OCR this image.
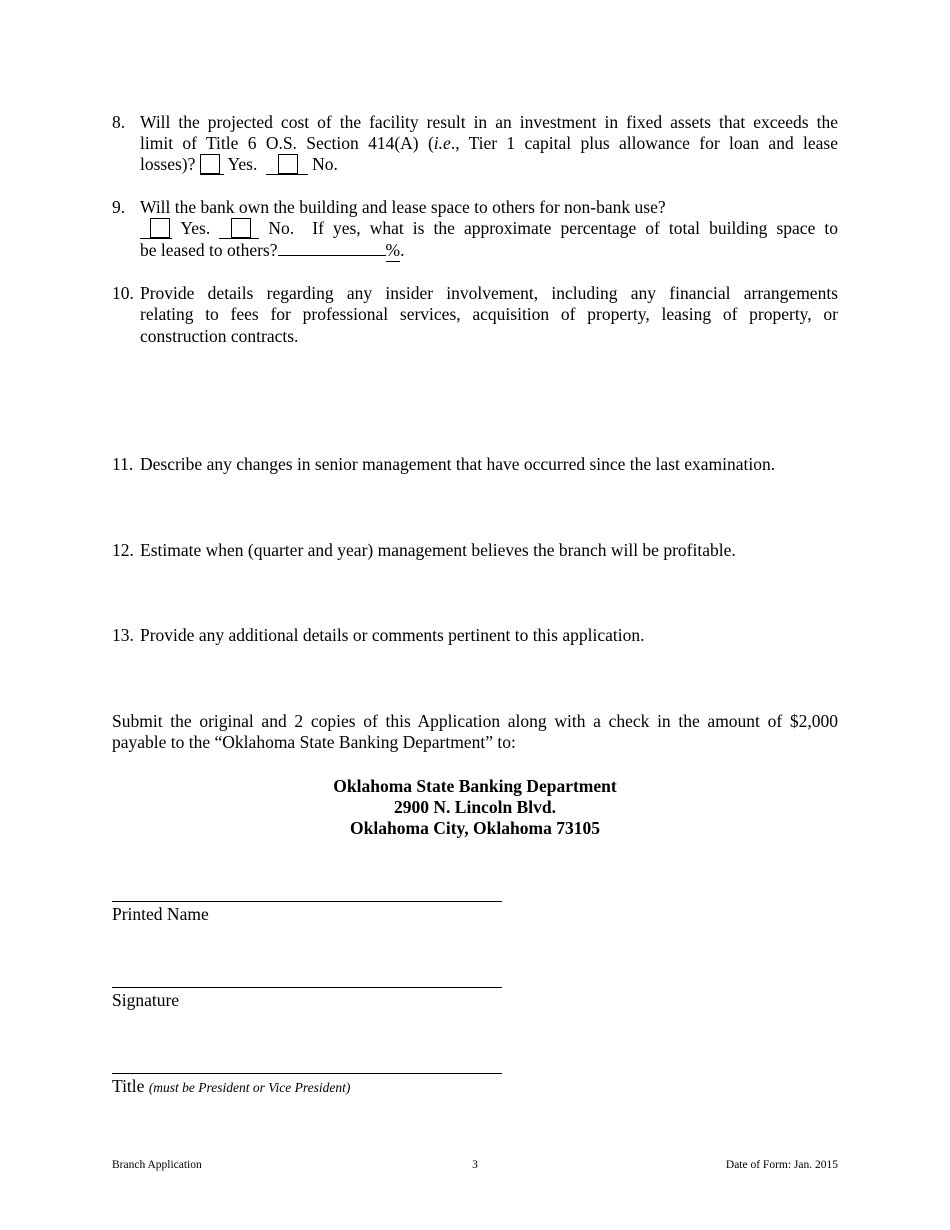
8. Will the projected cost of the facility result in an investment in fixed assets that exceeds the
limit of Title 6 O.S. Section 414(A) (i.e., Tier 1 capital plus allowance for loan and lease
losses)? Yes.	No.
9. Will the bank own the building and lease space to others for non-bank use?
Yes.	No. If yes, what is the approximate percentage of total building space to
be leased to others?	%.
10. Provide details regarding any insider involvement, including any financial arrangements
relating to fees for professional services, acquisition of property, leasing of property, or
construction contracts.
11. Describe any changes in senior management that have occurred since the last examination.
12. Estimate when (quarter and year) management believes the branch will be profitable.
13. Provide any additional details or comments pertinent to this application.
Submit the original and 2 copies of this Application along with a check in the amount of $2,000
payable to the “Oklahoma State Banking Department” to:
Oklahoma State Banking Department
2900 N. Lincoln Blvd.
Oklahoma City, Oklahoma 73105
Printed Name
Signature
Title (must be President or Vice President)
Branch Application	3	Date of Form: Jan. 2015
